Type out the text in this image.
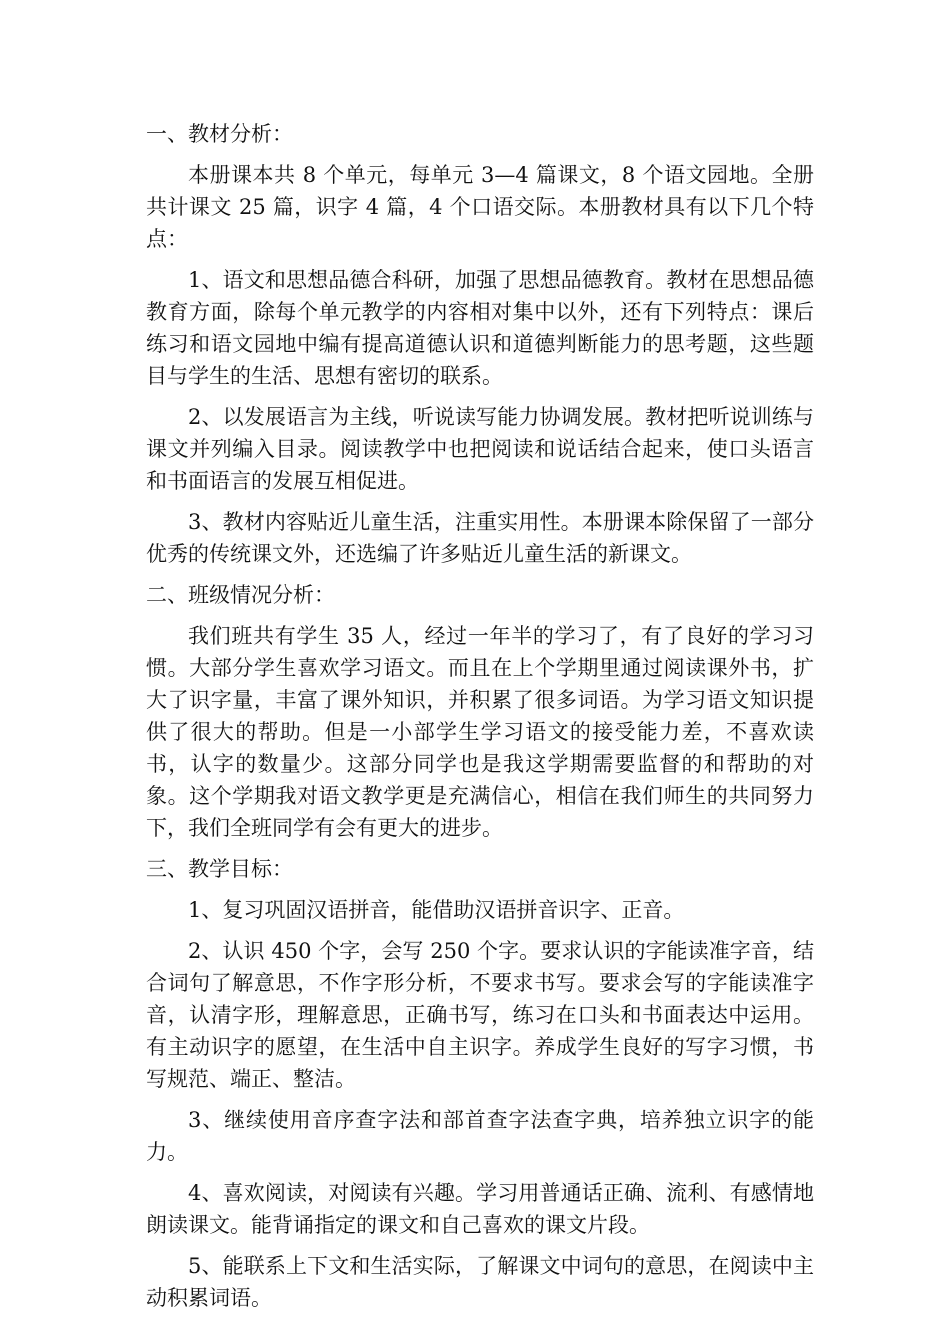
一、教材分析：

本册课本共 8 个单元，每单元 3—4 篇课文，8 个语文园地。全册共计课文 25 篇，识字 4 篇，4 个口语交际。本册教材具有以下几个特点：

1、语文和思想品德合科研，加强了思想品德教育。教材在思想品德教育方面，除每个单元教学的内容相对集中以外，还有下列特点：课后练习和语文园地中编有提高道德认识和道德判断能力的思考题，这些题目与学生的生活、思想有密切的联系。

2、以发展语言为主线，听说读写能力协调发展。教材把听说训练与课文并列编入目录。阅读教学中也把阅读和说话结合起来，使口头语言和书面语言的发展互相促进。

3、教材内容贴近儿童生活，注重实用性。本册课本除保留了一部分优秀的传统课文外，还选编了许多贴近儿童生活的新课文。

二、班级情况分析：

我们班共有学生 35 人，经过一年半的学习了，有了良好的学习习惯。大部分学生喜欢学习语文。而且在上个学期里通过阅读课外书，扩大了识字量，丰富了课外知识，并积累了很多词语。为学习语文知识提供了很大的帮助。但是一小部学生学习语文的接受能力差，不喜欢读书，认字的数量少。这部分同学也是我这学期需要监督的和帮助的对象。这个学期我对语文教学更是充满信心，相信在我们师生的共同努力下，我们全班同学有会有更大的进步。

三、教学目标：

1、复习巩固汉语拼音，能借助汉语拼音识字、正音。

2、认识 450 个字，会写 250 个字。要求认识的字能读准字音，结合词句了解意思，不作字形分析，不要求书写。要求会写的字能读准字音，认清字形，理解意思，正确书写，练习在口头和书面表达中运用。有主动识字的愿望，在生活中自主识字。养成学生良好的写字习惯，书写规范、端正、整洁。

3、继续使用音序查字法和部首查字法查字典，培养独立识字的能力。

4、喜欢阅读，对阅读有兴趣。学习用普通话正确、流利、有感情地朗读课文。能背诵指定的课文和自己喜欢的课文片段。

5、能联系上下文和生活实际，了解课文中词句的意思，在阅读中主动积累词语。
